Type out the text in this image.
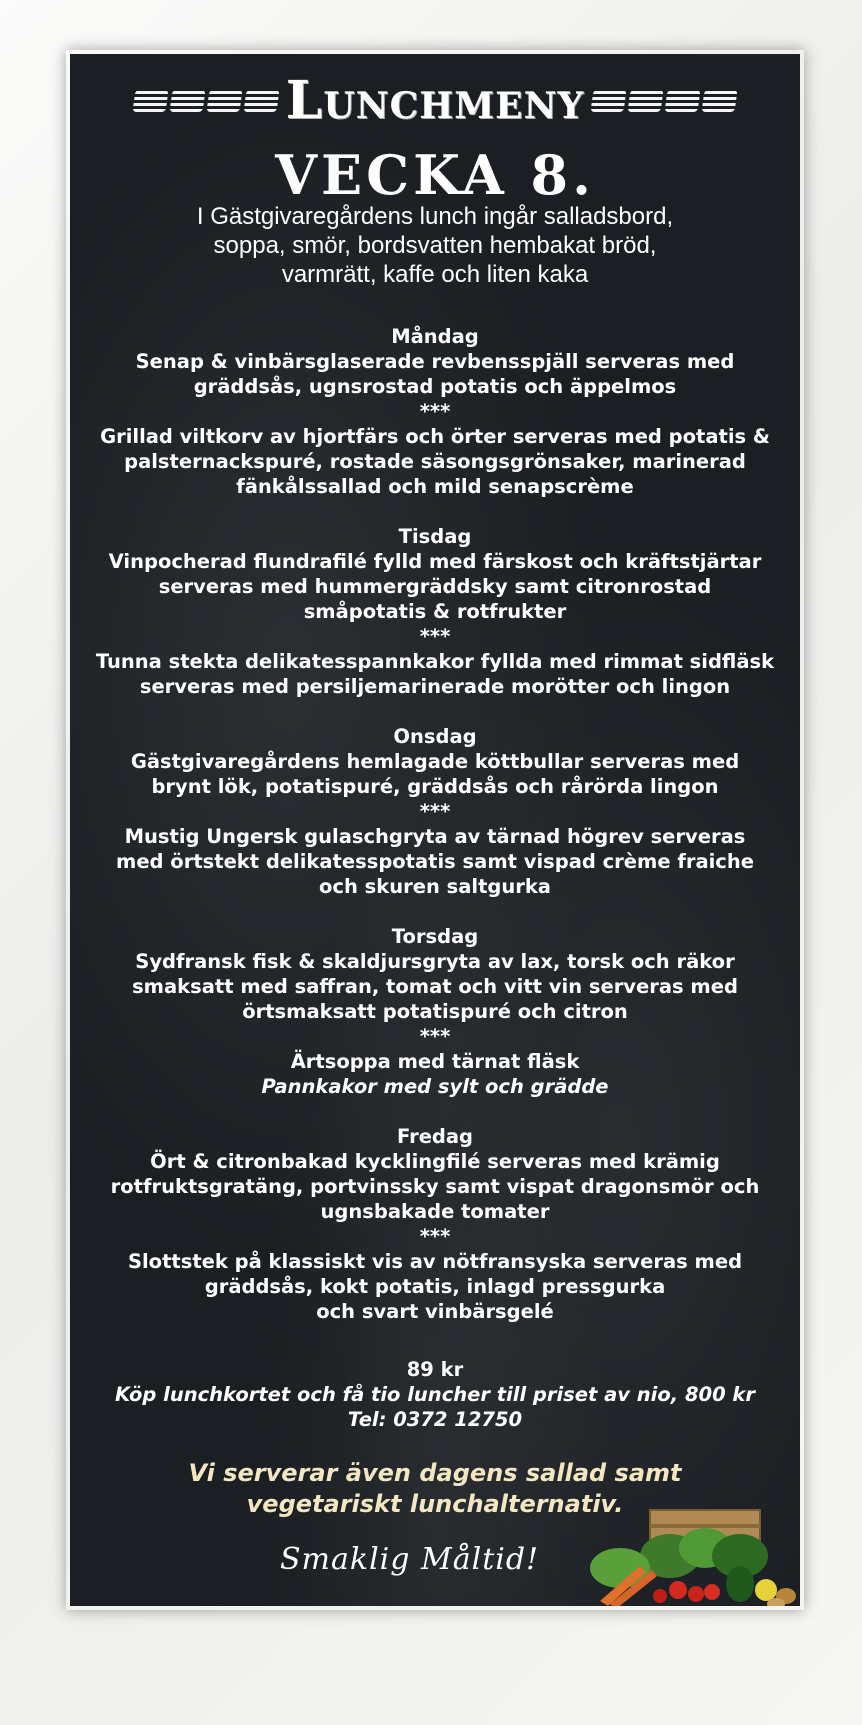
Lunchmeny
VECKA 8.
I Gästgivaregårdens lunch ingår salladsbord,
soppa, smör, bordsvatten hembakat bröd,
varmrätt, kaffe och liten kaka
Måndag
Senap & vinbärsglaserade revbensspjäll serveras med
gräddsås, ugnsrostad potatis och äppelmos
***
Grillad viltkorv av hjortfärs och örter serveras med potatis &
palsternackspuré, rostade säsongsgrönsaker, marinerad
fänkålssallad och mild senapscrème
Tisdag
Vinpocherad flundrafilé fylld med färskost och kräftstjärtar
serveras med hummergräddsky samt citronrostad
småpotatis & rotfrukter
***
Tunna stekta delikatesspannkakor fyllda med rimmat sidfläsk
serveras med persiljemarinerade morötter och lingon
Onsdag
Gästgivaregårdens hemlagade köttbullar serveras med
brynt lök, potatispuré, gräddsås och rårörda lingon
***
Mustig Ungersk gulaschgryta av tärnad högrev serveras
med örtstekt delikatesspotatis samt vispad crème fraiche
och skuren saltgurka
Torsdag
Sydfransk fisk & skaldjursgryta av lax, torsk och räkor
smaksatt med saffran, tomat och vitt vin serveras med
örtsmaksatt potatispuré och citron
***
Ärtsoppa med tärnat fläsk
Pannkakor med sylt och grädde
Fredag
Ört & citronbakad kycklingfilé serveras med krämig
rotfruktsgratäng, portvinssky samt vispat dragonsmör och
ugnsbakade tomater
***
Slottstek på klassiskt vis av nötfransyska serveras med
gräddsås, kokt potatis, inlagd pressgurka
och svart vinbärsgelé
89 kr
Köp lunchkortet och få tio luncher till priset av nio, 800 kr
Tel: 0372 12750
Vi serverar även dagens sallad samt
vegetariskt lunchalternativ.
Smaklig Måltid!
